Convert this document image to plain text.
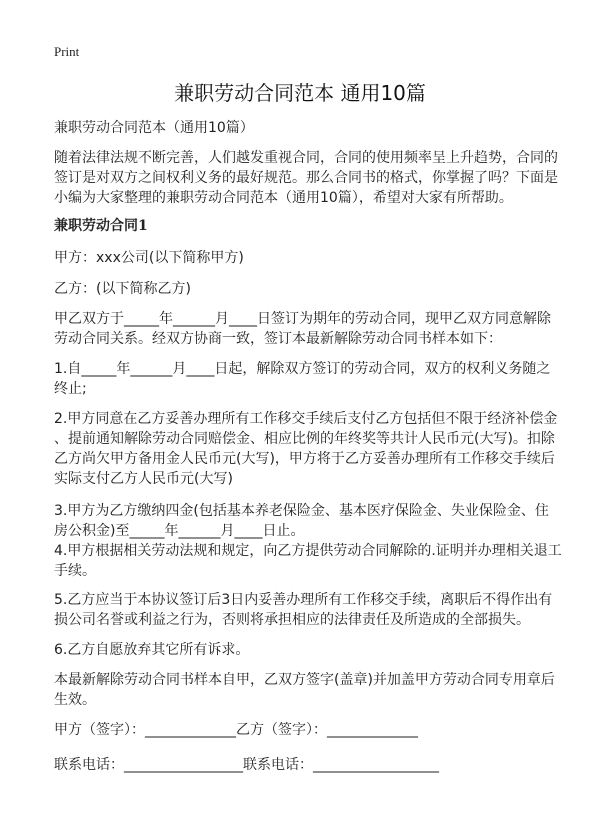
Print
兼职劳动合同范本 通用10篇
兼职劳动合同范本（通用10篇）
随着法律法规不断完善，人们越发重视合同，合同的使用频率呈上升趋势，合同的
签订是对双方之间权利义务的最好规范。那么合同书的格式，你掌握了吗？下面是
小编为大家整理的兼职劳动合同范本（通用10篇），希望对大家有所帮助。
兼职劳动合同1
甲方：xxx公司(以下简称甲方)
乙方：(以下简称乙方)
甲乙双方于_____年______月____日签订为期年的劳动合同，现甲乙双方同意解除
劳动合同关系。经双方协商一致，签订本最新解除劳动合同书样本如下：
1.自_____年______月____日起，解除双方签订的劳动合同，双方的权利义务随之
终止;
2.甲方同意在乙方妥善办理所有工作移交手续后支付乙方包括但不限于经济补偿金
、提前通知解除劳动合同赔偿金、相应比例的年终奖等共计人民币元(大写)。扣除
乙方尚欠甲方备用金人民币元(大写)，甲方将于乙方妥善办理所有工作移交手续后
实际支付乙方人民币元(大写)
3.甲方为乙方缴纳四金(包括基本养老保险金、基本医疗保险金、失业保险金、住
房公积金)至_____年______月____日止。
4.甲方根据相关劳动法规和规定，向乙方提供劳动合同解除的.证明并办理相关退工
手续。
5.乙方应当于本协议签订后3日内妥善办理所有工作移交手续，离职后不得作出有
损公司名誉或利益之行为，否则将承担相应的法律责任及所造成的全部损失。
6.乙方自愿放弃其它所有诉求。
本最新解除劳动合同书样本自甲，乙双方签字(盖章)并加盖甲方劳动合同专用章后
生效。
甲方（签字）：_____________乙方（签字）：_____________
联系电话：_________________联系电话：__________________
